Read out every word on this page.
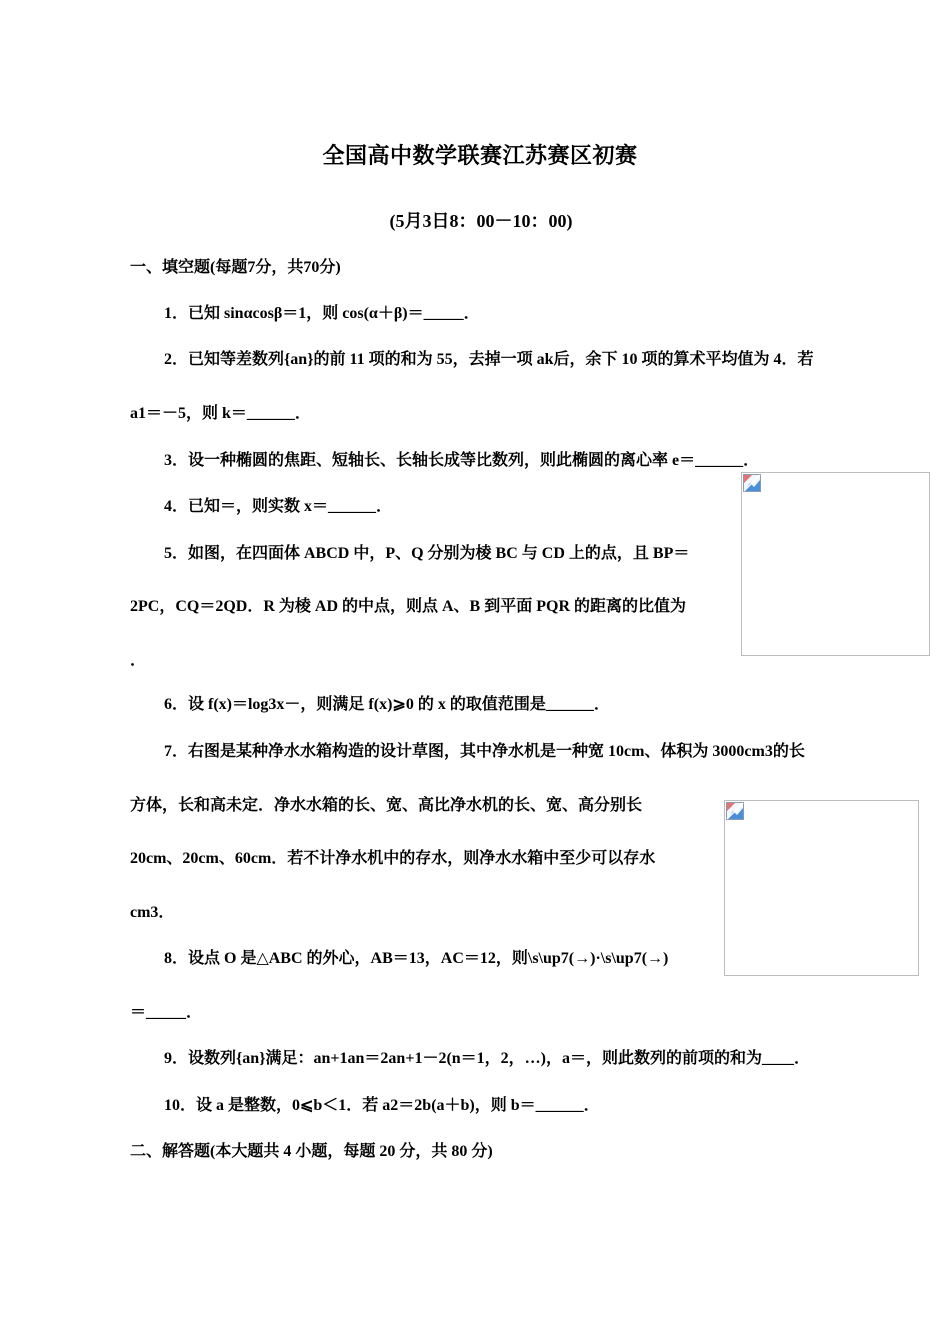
全国高中数学联赛江苏赛区初赛
(5月3日8：00－10：00)
一、填空题(每题7分，共70分)
1．已知 sinαcosβ＝1，则 cos(α＋β)＝_____．
2．已知等差数列{an}的前 11 项的和为 55，去掉一项 ak后，余下 10 项的算术平均值为 4．若
a1＝－5，则 k＝______．
3．设一种椭圆的焦距、短轴长、长轴长成等比数列，则此椭圆的离心率 e＝______．
4．已知＝，则实数 x＝______．
5．如图，在四面体 ABCD 中，P、Q 分别为棱 BC 与 CD 上的点，且 BP＝
2PC，CQ＝2QD．R 为棱 AD 的中点，则点 A、B 到平面 PQR 的距离的比值为
．
6．设 f(x)＝log3x－，则满足 f(x)⩾0 的 x 的取值范围是______．
7．右图是某种净水水箱构造的设计草图，其中净水机是一种宽 10cm、体积为 3000cm3的长
方体，长和高未定．净水水箱的长、宽、高比净水机的长、宽、高分别长
20cm、20cm、60cm．若不计净水机中的存水，则净水水箱中至少可以存水
cm3．
8．设点 O 是△ABC 的外心，AB＝13，AC＝12，则\s\up7(→)·\s\up7(→)
＝_____．
9．设数列{an}满足：an+1an＝2an+1－2(n＝1，2，…)，a＝，则此数列的前项的和为____．
10．设 a 是整数，0⩽b＜1．若 a2＝2b(a＋b)，则 b＝______．
二、解答题(本大题共 4 小题，每题 20 分，共 80 分)
